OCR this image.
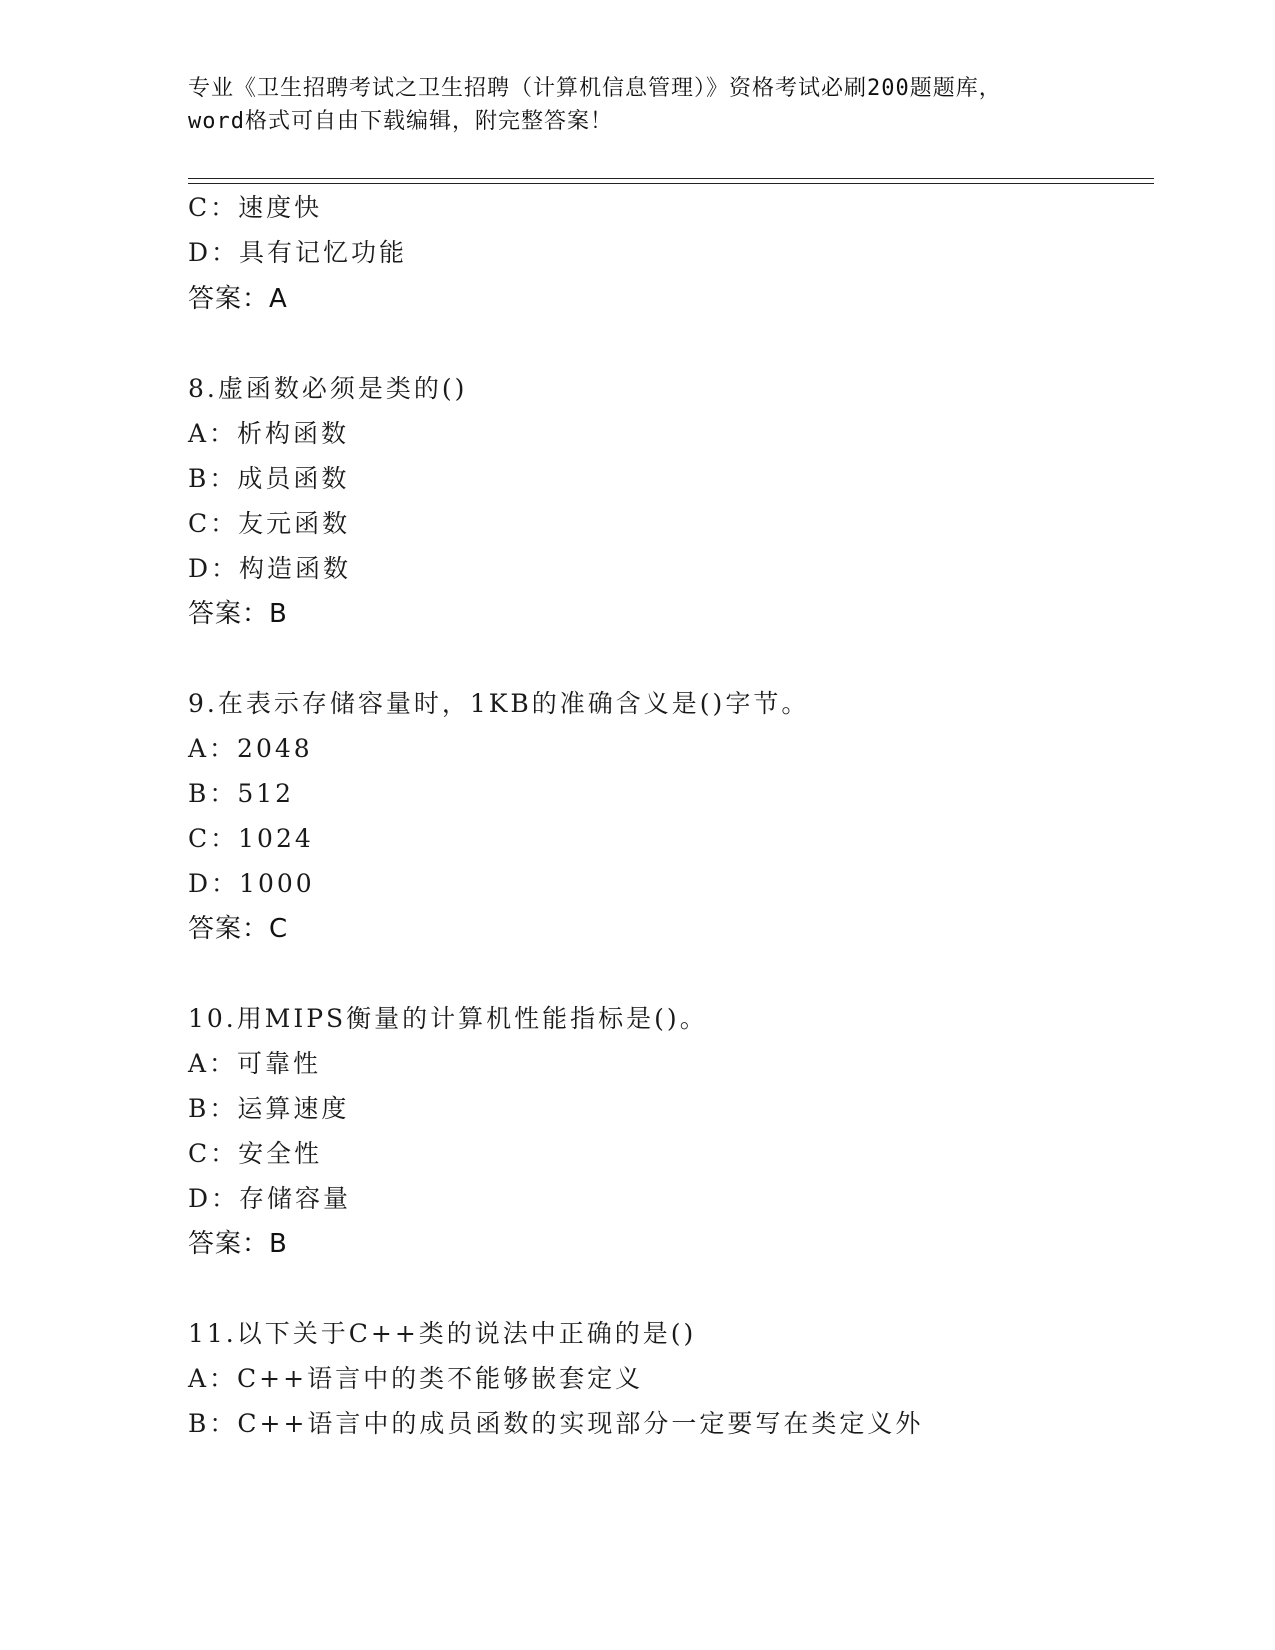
专业《卫生招聘考试之卫生招聘（计算机信息管理）》资格考试必刷200题题库，
word格式可自由下载编辑，附完整答案！
C：速度快
D：具有记忆功能
答案：A
8.虚函数必须是类的()
A：析构函数
B：成员函数
C：友元函数
D：构造函数
答案：B
9.在表示存储容量时，1KB的准确含义是()字节。
A：2048
B：512
C：1024
D：1000
答案：C
10.用MIPS衡量的计算机性能指标是()。
A：可靠性
B：运算速度
C：安全性
D：存储容量
答案：B
11.以下关于C++类的说法中正确的是()
A：C++语言中的类不能够嵌套定义
B：C++语言中的成员函数的实现部分一定要写在类定义外
